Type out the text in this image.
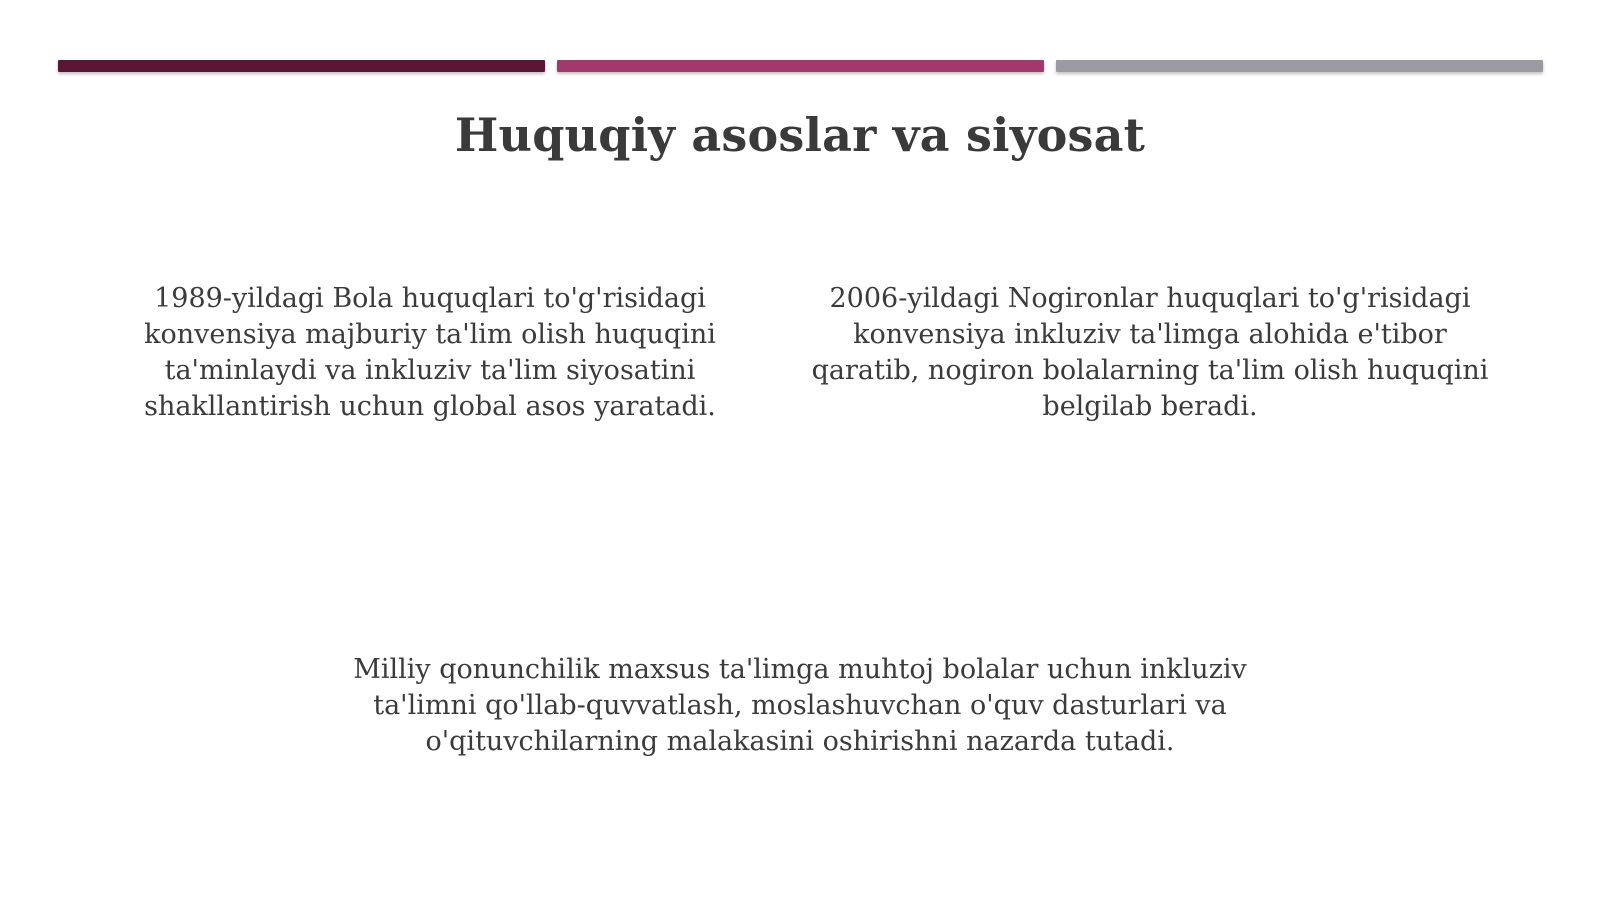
Huquqiy asoslar va siyosat

1989-yildagi Bola huquqlari to'g'risidagi konvensiya majburiy ta'lim olish huquqini ta'minlaydi va inkluziv ta'lim siyosatini shakllantirish uchun global asos yaratadi.

2006-yildagi Nogironlar huquqlari to'g'risidagi konvensiya inkluziv ta'limga alohida e'tibor qaratib, nogiron bolalarning ta'lim olish huquqini belgilab beradi.

Milliy qonunchilik maxsus ta'limga muhtoj bolalar uchun inkluziv ta'limni qo'llab-quvvatlash, moslashuvchan o'quv dasturlari va o'qituvchilarning malakasini oshirishni nazarda tutadi.
